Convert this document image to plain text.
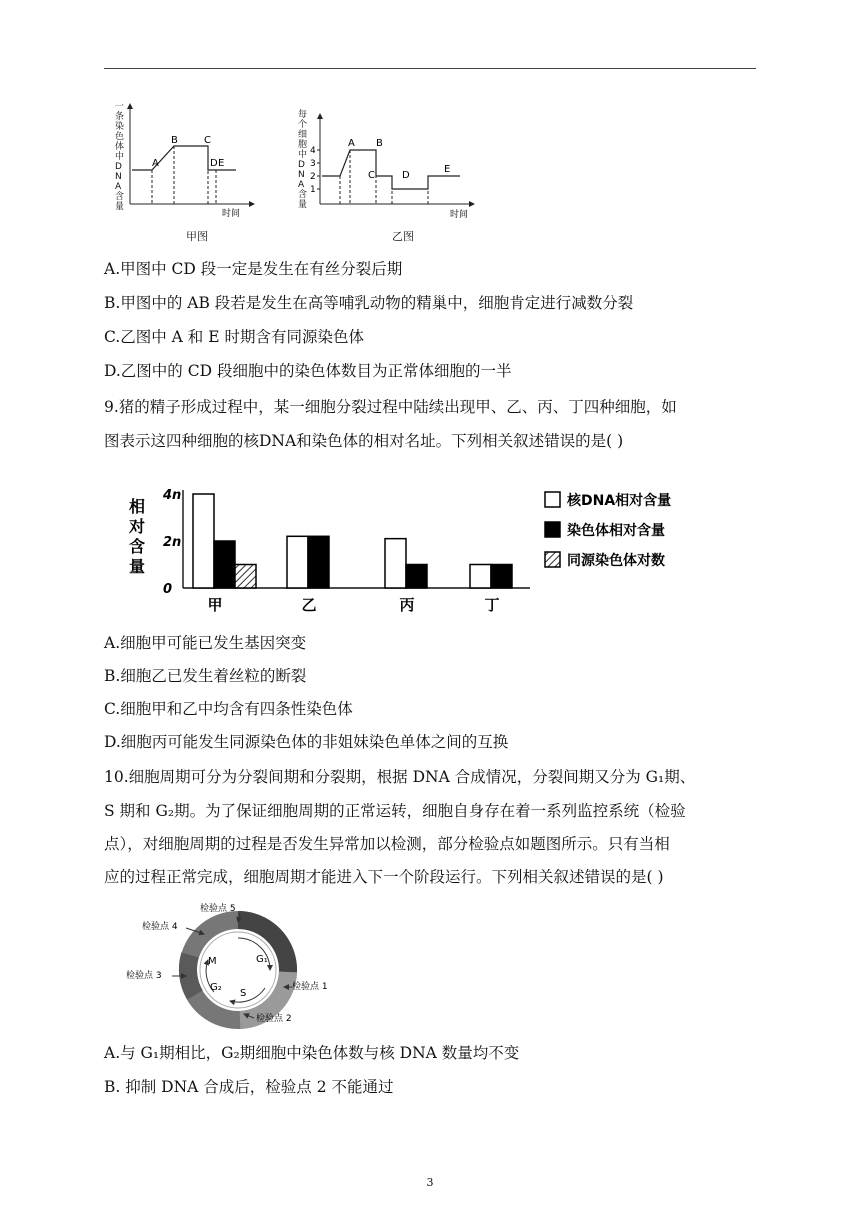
A
B	C
D E
时间
一条染色体中DNA含量
甲图
4
3
2
1
A B
C	D
E
时间
每个细胞中DNA含量
乙图
A.甲图中 CD 段一定是发生在有丝分裂后期
B.甲图中的 AB 段若是发生在高等哺乳动物的精巢中，细胞肯定进行减数分裂
C.乙图中 A 和 E 时期含有同源染色体
D.乙图中的 CD 段细胞中的染色体数目为正常体细胞的一半
9.猪的精子形成过程中，某一细胞分裂过程中陆续出现甲、乙、丙、丁四种细胞，如
图表示这四种细胞的核DNA和染色体的相对名址。下列相关叙述错误的是( )
4n
2n
0
相
对
含
量
甲	乙	丙	丁
核DNA相对含量
染色体相对含量
同源染色体对数
A.细胞甲可能已发生基因突变
B.细胞乙已发生着丝粒的断裂
C.细胞甲和乙中均含有四条性染色体
D.细胞丙可能发生同源染色体的非姐妹染色单体之间的互换
10.细胞周期可分为分裂间期和分裂期，根据 DNA 合成情况，分裂间期又分为 G₁期、
S 期和 G₂期。为了保证细胞周期的正常运转，细胞自身存在着一系列监控系统（检验
点），对细胞周期的过程是否发生异常加以检测，部分检验点如题图所示。只有当相
应的过程正常完成，细胞周期才能进入下一个阶段运行。下列相关叙述错误的是( )
M	G₁
S
G₂
检验点 5
检验点 4
检验点 3
检验点 1
检验点 2
A.与 G₁期相比，G₂期细胞中染色体数与核 DNA 数量均不变
B. 抑制 DNA 合成后，检验点 2 不能通过
3
